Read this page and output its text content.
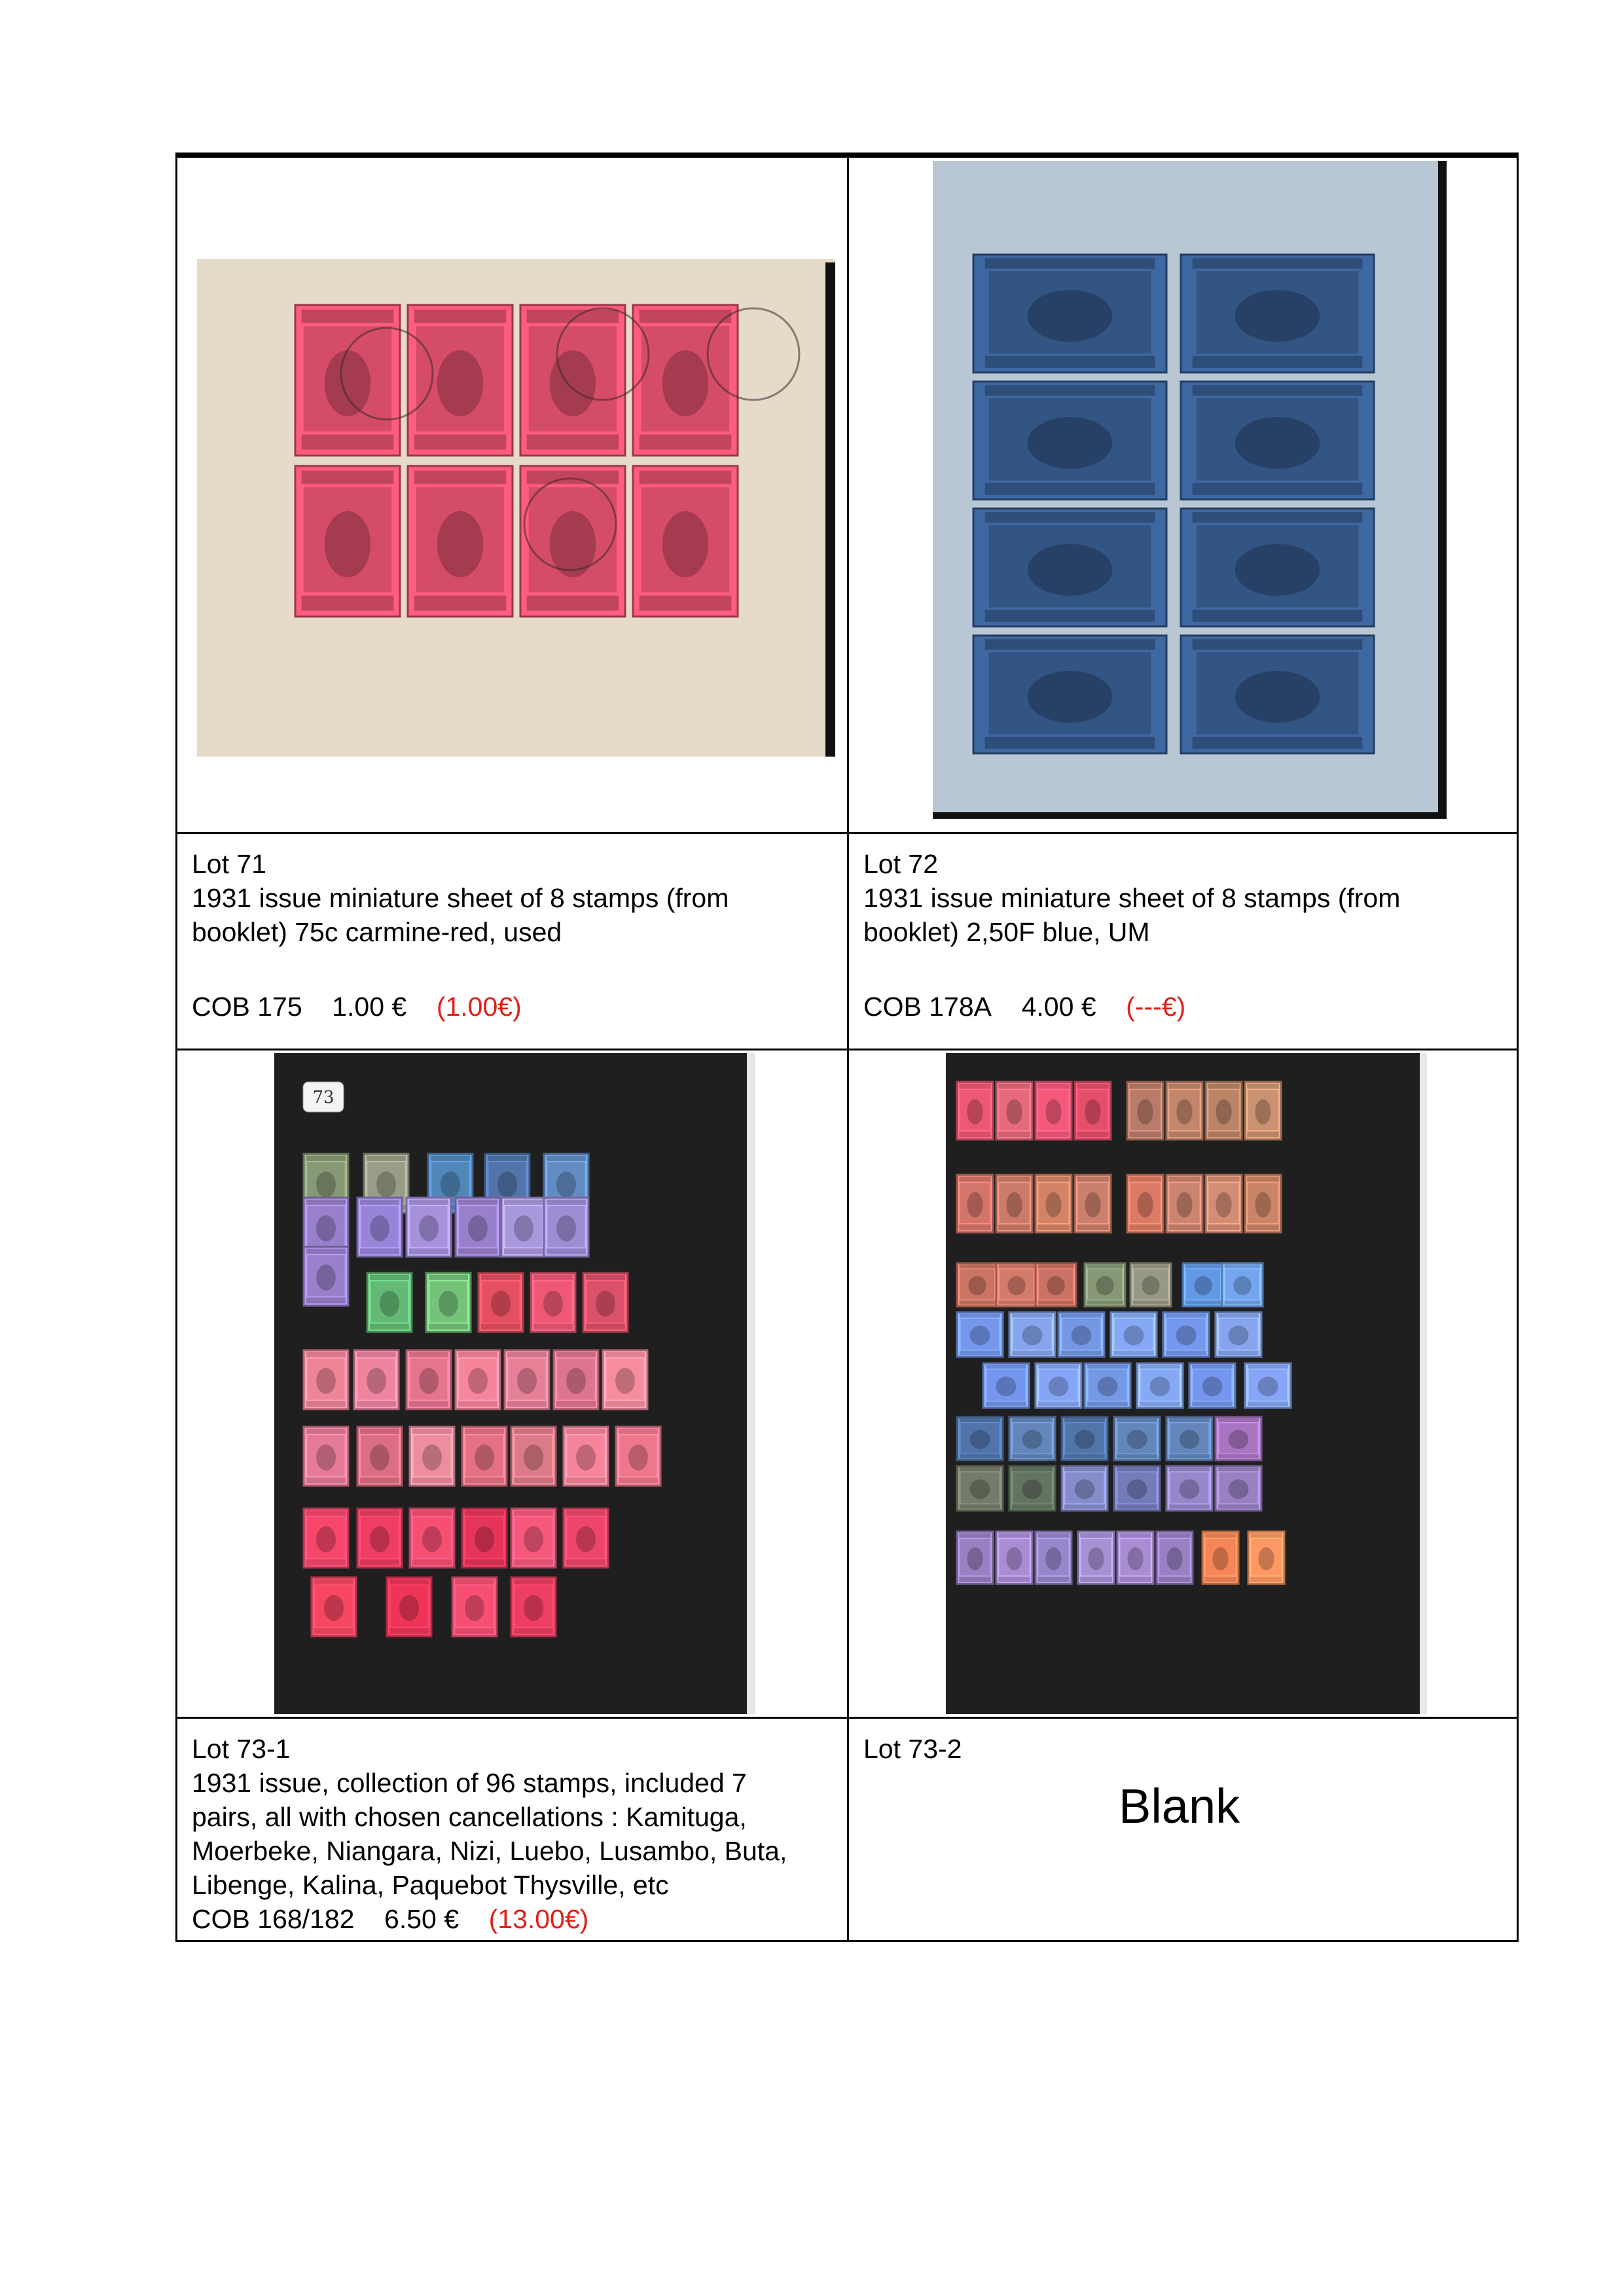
Lot 71
1931 issue miniature sheet of 8 stamps (from
booklet) 75c carmine-red, used
COB 175 1.00 € (1.00€)
Lot 72
1931 issue miniature sheet of 8 stamps (from
booklet) 2,50F blue, UM
COB 178A 4.00 € (---€)
73
Lot 73-1
1931 issue, collection of 96 stamps, included 7
pairs, all with chosen cancellations : Kamituga,
Moerbeke, Niangara, Nizi, Luebo, Lusambo, Buta,
Libenge, Kalina, Paquebot Thysville, etc
COB 168/182 6.50 € (13.00€)
Lot 73-2
Blank
